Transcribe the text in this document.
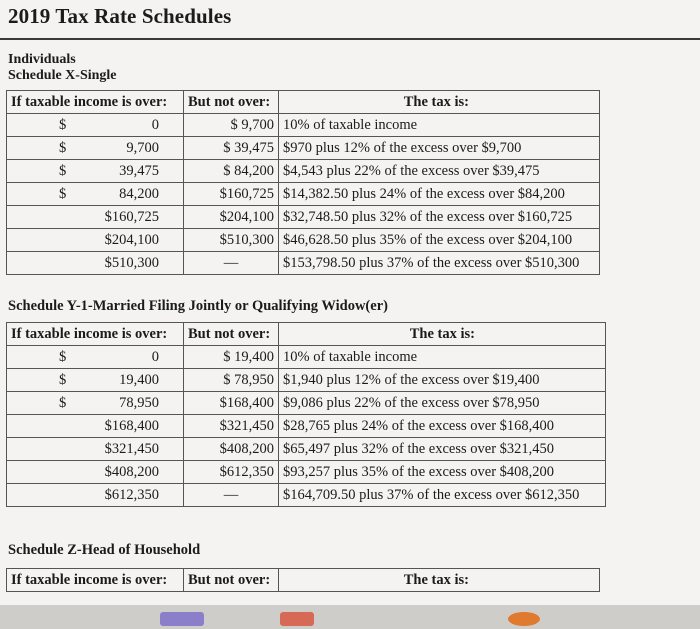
2019 Tax Rate Schedules
Individuals
Schedule X-Single
If taxable income is over:	But not over:	The tax is:

$ 0	$ 9,700	10% of taxable income

$ 9,700	$ 39,475	$970 plus 12% of the excess over $9,700

$ 39,475	$ 84,200	$4,543 plus 22% of the excess over $39,475

$ 84,200	$160,725	$14,382.50 plus 24% of the excess over $84,200

$160,725	$204,100	$32,748.50 plus 32% of the excess over $160,725

$204,100	$510,300	$46,628.50 plus 35% of the excess over $204,100

$510,300	—	$153,798.50 plus 37% of the excess over $510,300
Schedule Y-1-Married Filing Jointly or Qualifying Widow(er)
If taxable income is over:	But not over:	The tax is:

$ 0	$ 19,400	10% of taxable income

$ 19,400	$ 78,950	$1,940 plus 12% of the excess over $19,400

$ 78,950	$168,400	$9,086 plus 22% of the excess over $78,950

$168,400	$321,450	$28,765 plus 24% of the excess over $168,400

$321,450	$408,200	$65,497 plus 32% of the excess over $321,450

$408,200	$612,350	$93,257 plus 35% of the excess over $408,200

$612,350	—	$164,709.50 plus 37% of the excess over $612,350
Schedule Z-Head of Household
If taxable income is over:	But not over:	The tax is:
